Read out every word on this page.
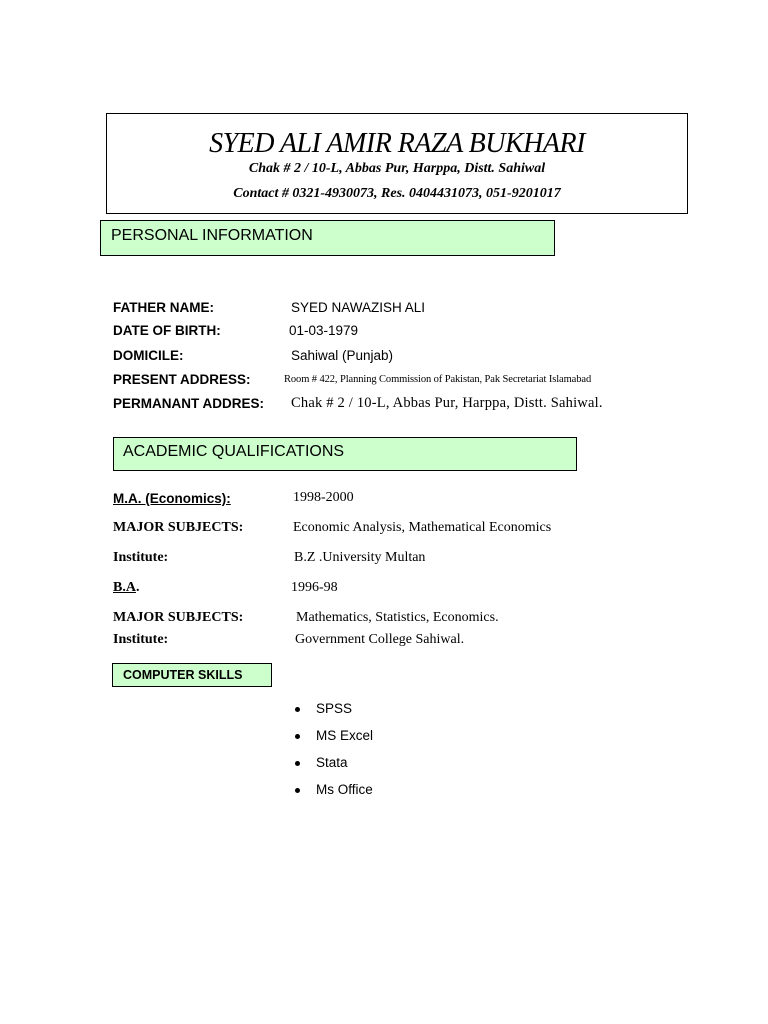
SYED ALI AMIR RAZA BUKHARI
Chak # 2 / 10-L, Abbas Pur, Harppa, Distt. Sahiwal
Contact # 0321-4930073, Res. 0404431073, 051-9201017
PERSONAL INFORMATION
FATHER NAME:	SYED NAWAZISH ALI
DATE OF BIRTH:	01-03-1979
DOMICILE:	Sahiwal (Punjab)
PRESENT ADDRESS:	Room # 422, Planning Commission of Pakistan, Pak Secretariat Islamabad
PERMANANT ADDRES: Chak # 2 / 10-L, Abbas Pur, Harppa, Distt. Sahiwal.
ACADEMIC QUALIFICATIONS
M.A. (Economics):	1998-2000
MAJOR SUBJECTS:	Economic Analysis, Mathematical Economics
Institute:	B.Z .University Multan
B.A.	1996-98
MAJOR SUBJECTS:	Mathematics, Statistics, Economics.
Institute:	Government College Sahiwal.
COMPUTER SKILLS
SPSS
MS Excel
Stata
Ms Office
